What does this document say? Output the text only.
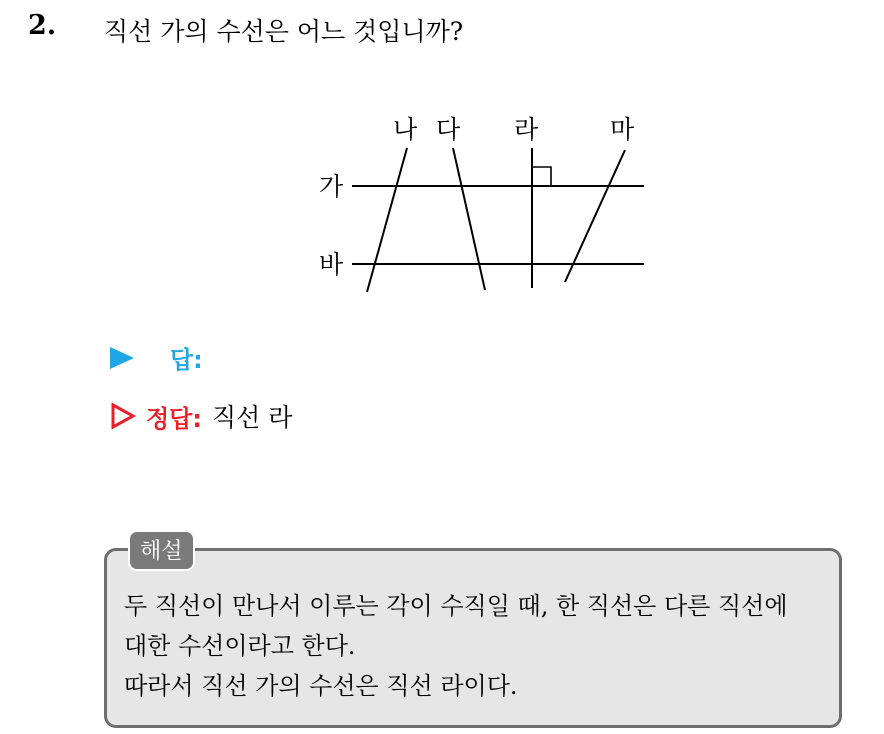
2. 직선 가의 수선은 어느 것입니까?
나 다 라	마
가
바
답:
정답: 직선 라
해설
두 직선이 만나서 이루는 각이 수직일 때, 한 직선은 다른 직선에
대한 수선이라고 한다.
따라서 직선 가의 수선은 직선 라이다.
